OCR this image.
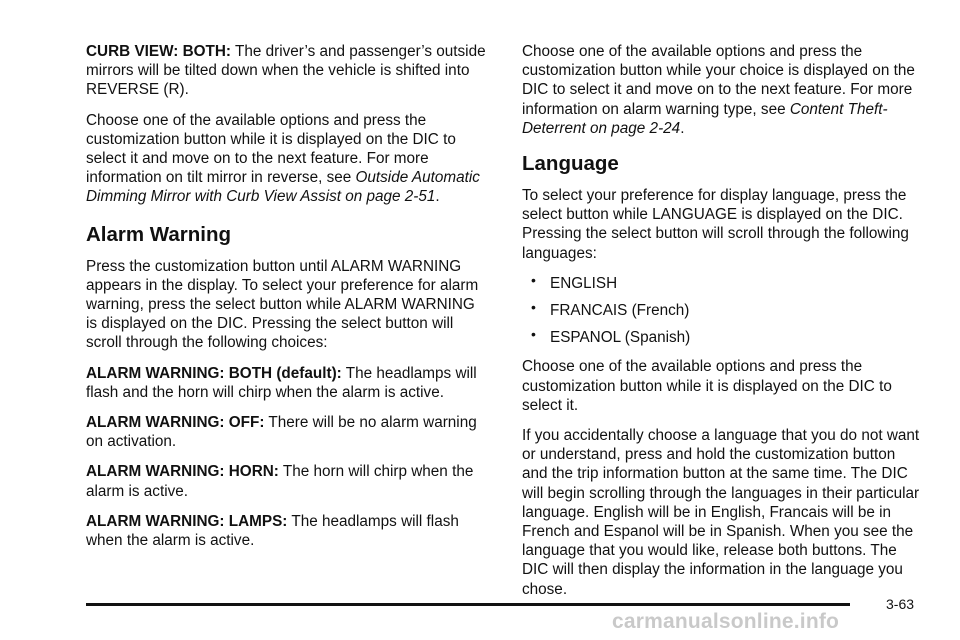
CURB VIEW: BOTH: The driver’s and passenger’s outside mirrors will be tilted down when the vehicle is shifted into REVERSE (R).

Choose one of the available options and press the customization button while it is displayed on the DIC to select it and move on to the next feature. For more information on tilt mirror in reverse, see Outside Automatic Dimming Mirror with Curb View Assist on page 2-51.

Alarm Warning

Press the customization button until ALARM WARNING appears in the display. To select your preference for alarm warning, press the select button while ALARM WARNING is displayed on the DIC. Pressing the select button will scroll through the following choices:

ALARM WARNING: BOTH (default): The headlamps will flash and the horn will chirp when the alarm is active.

ALARM WARNING: OFF: There will be no alarm warning on activation.

ALARM WARNING: HORN: The horn will chirp when the alarm is active.

ALARM WARNING: LAMPS: The headlamps will flash when the alarm is active.

Choose one of the available options and press the customization button while your choice is displayed on the DIC to select it and move on to the next feature. For more information on alarm warning type, see Content Theft-Deterrent on page 2-24.

Language

To select your preference for display language, press the select button while LANGUAGE is displayed on the DIC. Pressing the select button will scroll through the following languages:

• ENGLISH
• FRANCAIS (French)
• ESPANOL (Spanish)

Choose one of the available options and press the customization button while it is displayed on the DIC to select it.

If you accidentally choose a language that you do not want or understand, press and hold the customization button and the trip information button at the same time. The DIC will begin scrolling through the languages in their particular language. English will be in English, Francais will be in French and Espanol will be in Spanish. When you see the language that you would like, release both buttons. The DIC will then display the information in the language you chose.

3-63
carmanualsonline.info
